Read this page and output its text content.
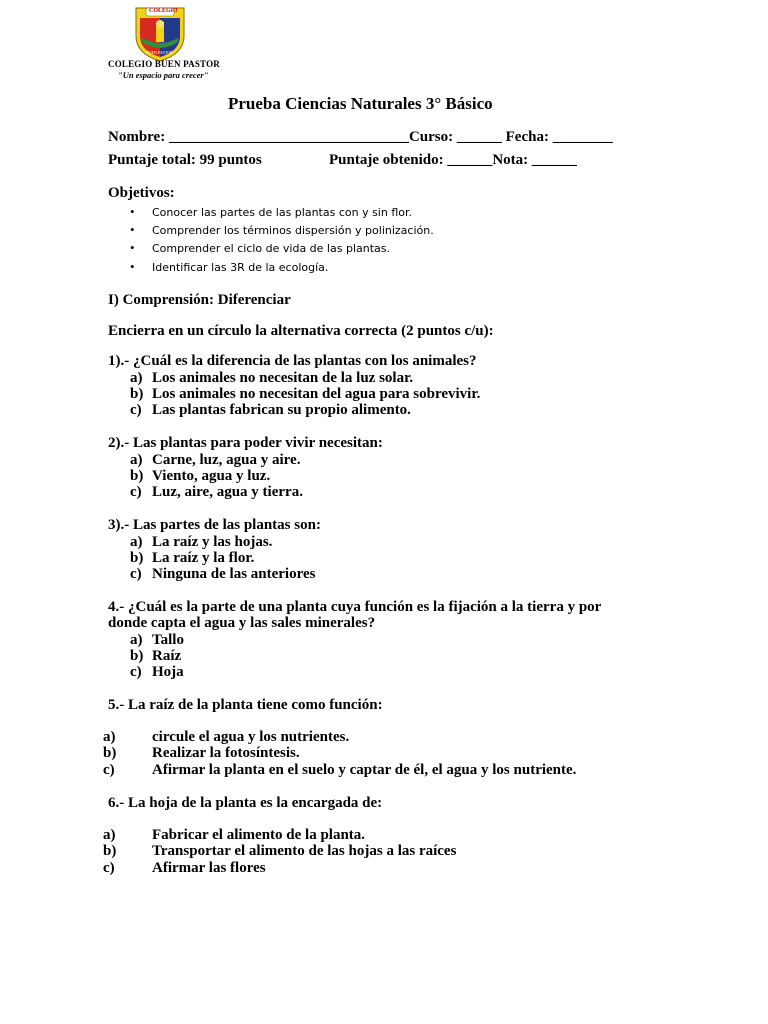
COLEGIO
BUEN PASTOR
COLEGIO BUEN PASTOR
"Un espacio para crecer"
Prueba Ciencias Naturales 3° Básico
Nombre: ________________________________Curso: ______ Fecha: ________
Puntaje total: 99 puntos	Puntaje obtenido: ______Nota: ______
Objetivos:
• Conocer las partes de las plantas con y sin flor.
• Comprender los términos dispersión y polinización.
• Comprender el ciclo de vida de las plantas.
• Identificar las 3R de la ecología.
I) Comprensión: Diferenciar
Encierra en un círculo la alternativa correcta (2 puntos c/u):
1).- ¿Cuál es la diferencia de las plantas con los animales?
a) Los animales no necesitan de la luz solar.
b) Los animales no necesitan del agua para sobrevivir.
c) Las plantas fabrican su propio alimento.
2).- Las plantas para poder vivir necesitan:
a) Carne, luz, agua y aire.
b) Viento, agua y luz.
c) Luz, aire, agua y tierra.
3).- Las partes de las plantas son:
a) La raíz y las hojas.
b) La raíz y la flor.
c) Ninguna de las anteriores
4.- ¿Cuál es la parte de una planta cuya función es la fijación a la tierra y por
donde capta el agua y las sales minerales?
a) Tallo
b) Raíz
c) Hoja
5.- La raíz de la planta tiene como función:
a) circule el agua y los nutrientes.
b) Realizar la fotosíntesis.
c) Afirmar la planta en el suelo y captar de él, el agua y los nutriente.
6.- La hoja de la planta es la encargada de:
a) Fabricar el alimento de la planta.
b) Transportar el alimento de las hojas a las raíces
c) Afirmar las flores
